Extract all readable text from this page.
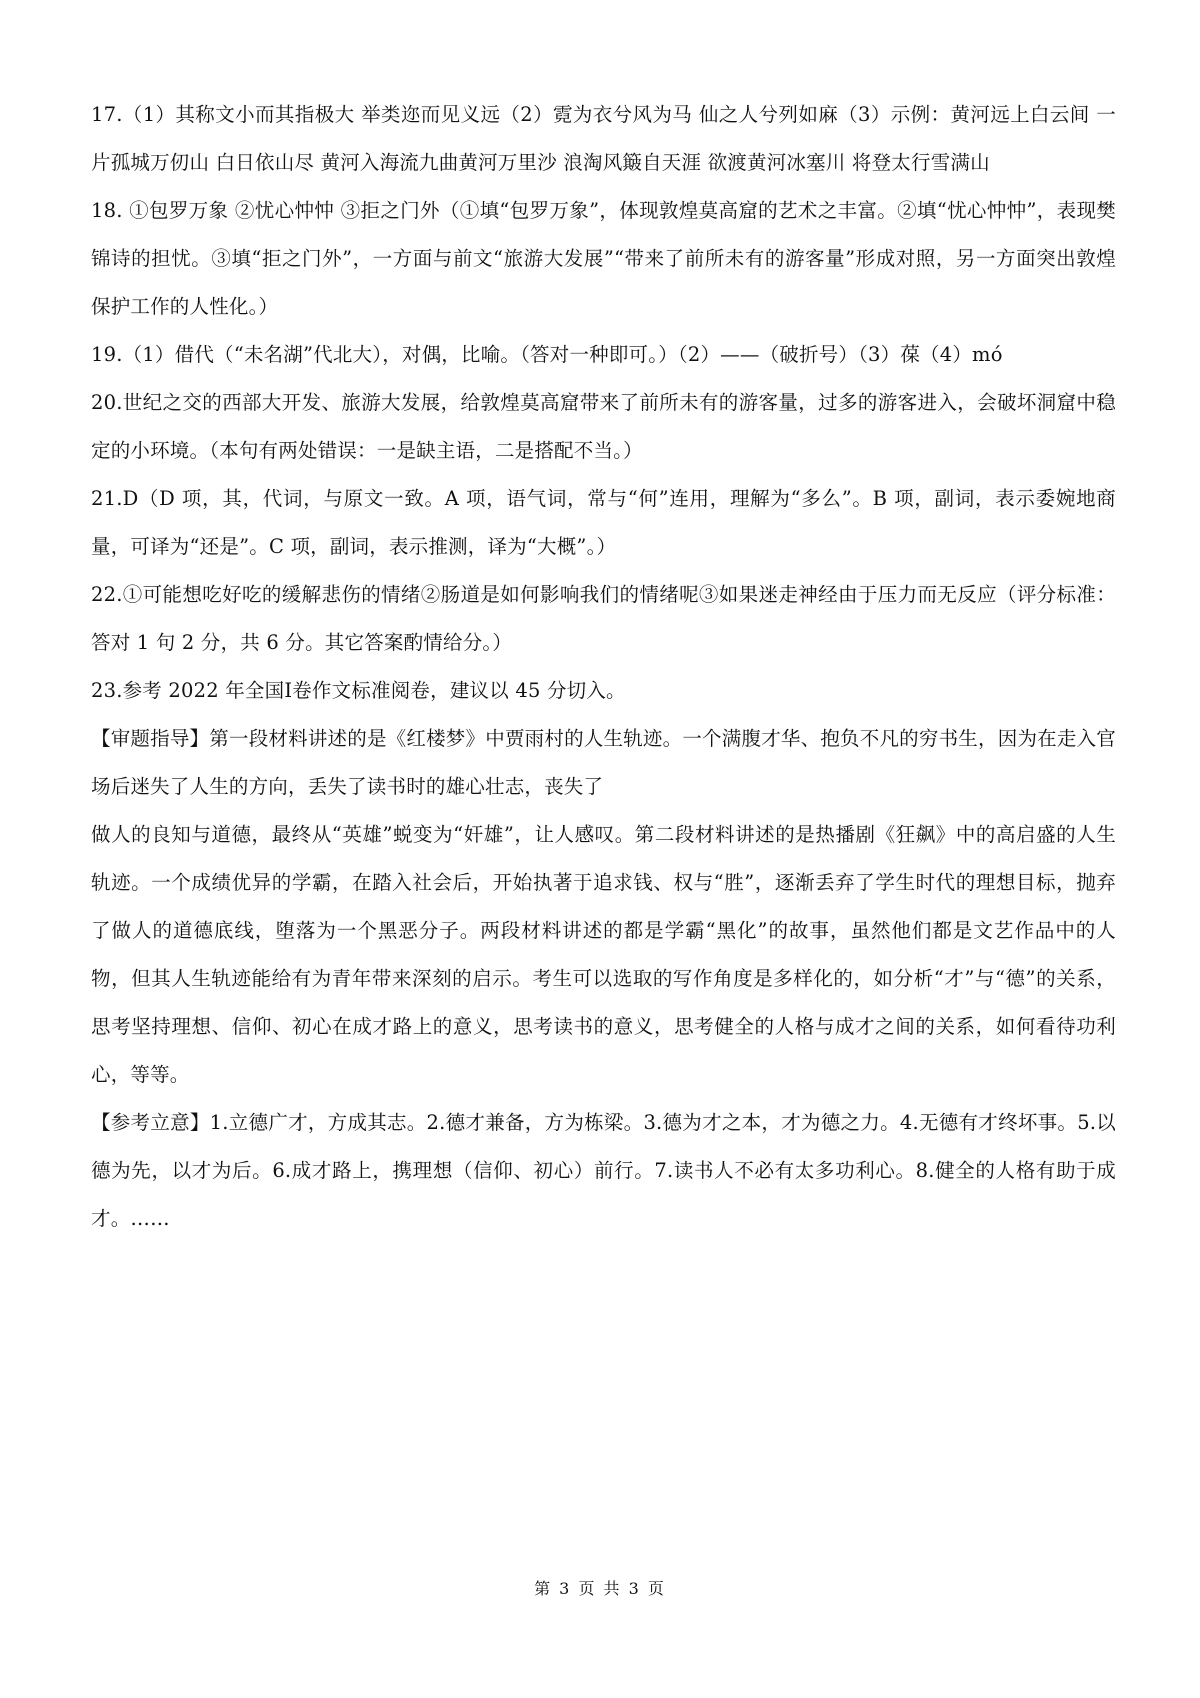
17.（1）其称文小而其指极大 举类迩而见义远（2）霓为衣兮风为马 仙之人兮列如麻（3）示例：黄河远上白云间 一片孤城万仞山 白日依山尽 黄河入海流九曲黄河万里沙 浪淘风簸自天涯 欲渡黄河冰塞川 将登太行雪满山

18. ①包罗万象 ②忧心忡忡 ③拒之门外（①填“包罗万象”，体现敦煌莫高窟的艺术之丰富。②填“忧心忡忡”，表现樊锦诗的担忧。③填“拒之门外”，一方面与前文“旅游大发展”“带来了前所未有的游客量”形成对照，另一方面突出敦煌保护工作的人性化。）

19.（1）借代（“未名湖”代北大），对偶，比喻。（答对一种即可。）（2）——（破折号）（3）葆（4）mó

20.世纪之交的西部大开发、旅游大发展，给敦煌莫高窟带来了前所未有的游客量，过多的游客进入，会破坏洞窟中稳定的小环境。（本句有两处错误：一是缺主语，二是搭配不当。）

21.D（D 项，其，代词，与原文一致。A 项，语气词，常与“何”连用，理解为“多么”。B 项，副词，表示委婉地商量，可译为“还是”。C 项，副词，表示推测，译为“大概”。）

22.①可能想吃好吃的缓解悲伤的情绪②肠道是如何影响我们的情绪呢③如果迷走神经由于压力而无反应（评分标准：答对 1 句 2 分，共 6 分。其它答案酌情给分。）

23.参考 2022 年全国Ⅰ卷作文标准阅卷，建议以 45 分切入。

【审题指导】第一段材料讲述的是《红楼梦》中贾雨村的人生轨迹。一个满腹才华、抱负不凡的穷书生，因为在走入官场后迷失了人生的方向，丢失了读书时的雄心壮志，丧失了

做人的良知与道德，最终从“英雄”蜕变为“奸雄”，让人感叹。第二段材料讲述的是热播剧《狂飙》中的高启盛的人生轨迹。一个成绩优异的学霸，在踏入社会后，开始执著于追求钱、权与“胜”，逐渐丢弃了学生时代的理想目标，抛弃了做人的道德底线，堕落为一个黑恶分子。两段材料讲述的都是学霸“黑化”的故事，虽然他们都是文艺作品中的人物，但其人生轨迹能给有为青年带来深刻的启示。考生可以选取的写作角度是多样化的，如分析“才”与“德”的关系，思考坚持理想、信仰、初心在成才路上的意义，思考读书的意义，思考健全的人格与成才之间的关系，如何看待功利心，等等。

【参考立意】1.立德广才，方成其志。2.德才兼备，方为栋梁。3.德为才之本，才为德之力。4.无德有才终坏事。5.以德为先，以才为后。6.成才路上，携理想（信仰、初心）前行。7.读书人不必有太多功利心。8.健全的人格有助于成才。……

第 3 页 共 3 页
